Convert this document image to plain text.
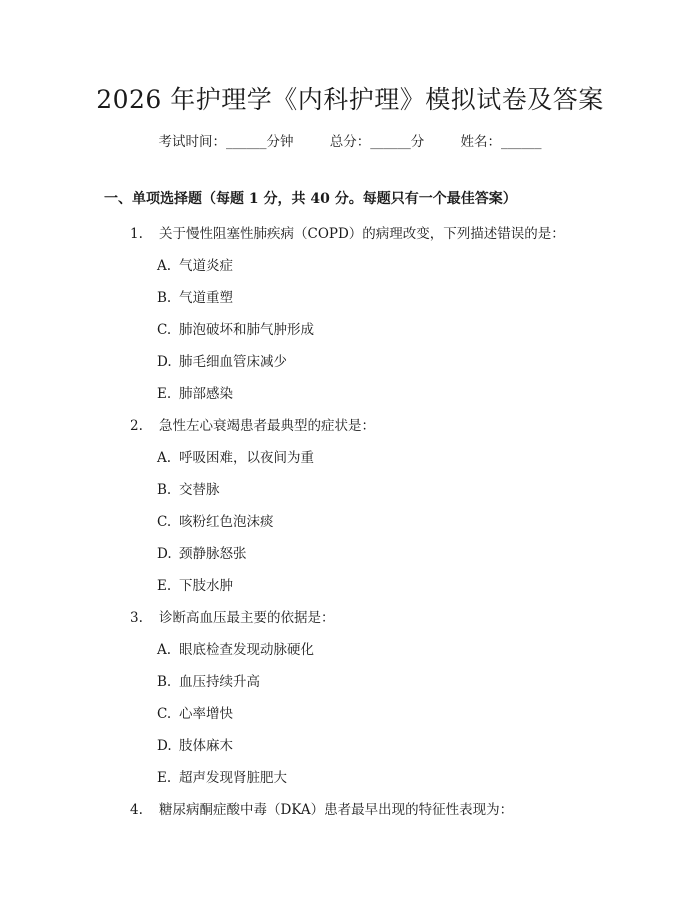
2026 年护理学《内科护理》模拟试卷及答案
考试时间：______分钟	总分：______分	姓名：______
一、单项选择题（每题 1 分，共 40 分。每题只有一个最佳答案）
1. 关于慢性阻塞性肺疾病（COPD）的病理改变，下列描述错误的是：
A. 气道炎症
B. 气道重塑
C. 肺泡破坏和肺气肿形成
D. 肺毛细血管床减少
E. 肺部感染
2. 急性左心衰竭患者最典型的症状是：
A. 呼吸困难，以夜间为重
B. 交替脉
C. 咳粉红色泡沫痰
D. 颈静脉怒张
E. 下肢水肿
3. 诊断高血压最主要的依据是：
A. 眼底检查发现动脉硬化
B. 血压持续升高
C. 心率增快
D. 肢体麻木
E. 超声发现肾脏肥大
4. 糖尿病酮症酸中毒（DKA）患者最早出现的特征性表现为：
